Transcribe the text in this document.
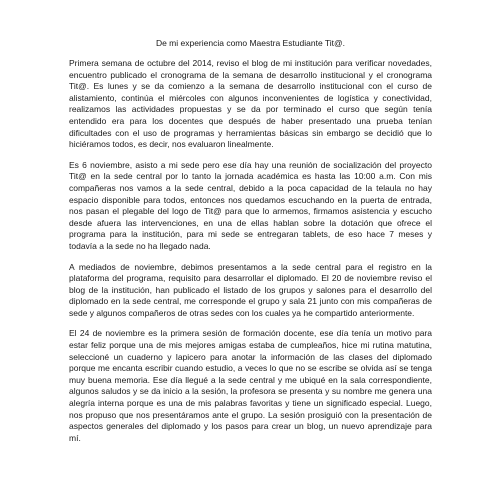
De mi experiencia como Maestra Estudiante Tit@.

Primera semana de octubre del 2014, reviso el blog de mi institución para verificar novedades, encuentro publicado el cronograma de la semana de desarrollo institucional y el cronograma Tit@. Es lunes y se da comienzo a la semana de desarrollo institucional con el curso de alistamiento, continúa el miércoles con algunos inconvenientes de logística y conectividad, realizamos las actividades propuestas y se da por terminado el curso que según tenía entendido era para los docentes que después de haber presentado una prueba tenían dificultades con el uso de programas y herramientas básicas sin embargo se decidió que lo hiciéramos todos, es decir, nos evaluaron linealmente.

Es 6 noviembre, asisto a mi sede pero ese día hay una reunión de socialización del proyecto Tit@ en la sede central por lo tanto la jornada académica es hasta las 10:00 a.m. Con mis compañeras nos vamos a la sede central, debido a la poca capacidad de la telaula no hay espacio disponible para todos, entonces nos quedamos escuchando en la puerta de entrada, nos pasan el plegable del logo de Tit@ para que lo armemos, firmamos asistencia y escucho desde afuera las intervenciones, en una de ellas hablan sobre la dotación que ofrece el programa para la institución, para mi sede se entregaran tablets, de eso hace 7 meses y todavía a la sede no ha llegado nada.

A mediados de noviembre, debimos presentamos a la sede central para el registro en la plataforma del programa, requisito para desarrollar el diplomado. El 20 de noviembre reviso el blog de la institución, han publicado el listado de los grupos y salones para el desarrollo del diplomado en la sede central, me corresponde el grupo y sala 21 junto con mis compañeras de sede y algunos compañeros de otras sedes con los cuales ya he compartido anteriormente.

El 24 de noviembre es la primera sesión de formación docente, ese día tenía un motivo para estar feliz porque una de mis mejores amigas estaba de cumpleaños, hice mi rutina matutina, seleccioné un cuaderno y lapicero para anotar la información de las clases del diplomado porque me encanta escribir cuando estudio, a veces lo que no se escribe se olvida así se tenga muy buena memoria. Ese día llegué a la sede central y me ubiqué en la sala correspondiente, algunos saludos y se da inicio a la sesión, la profesora se presenta y su nombre me genera una alegría interna porque es una de mis palabras favoritas y tiene un significado especial. Luego, nos propuso que nos presentáramos ante el grupo. La sesión prosiguió con la presentación de aspectos generales del diplomado y los pasos para crear un blog, un nuevo aprendizaje para mí.
